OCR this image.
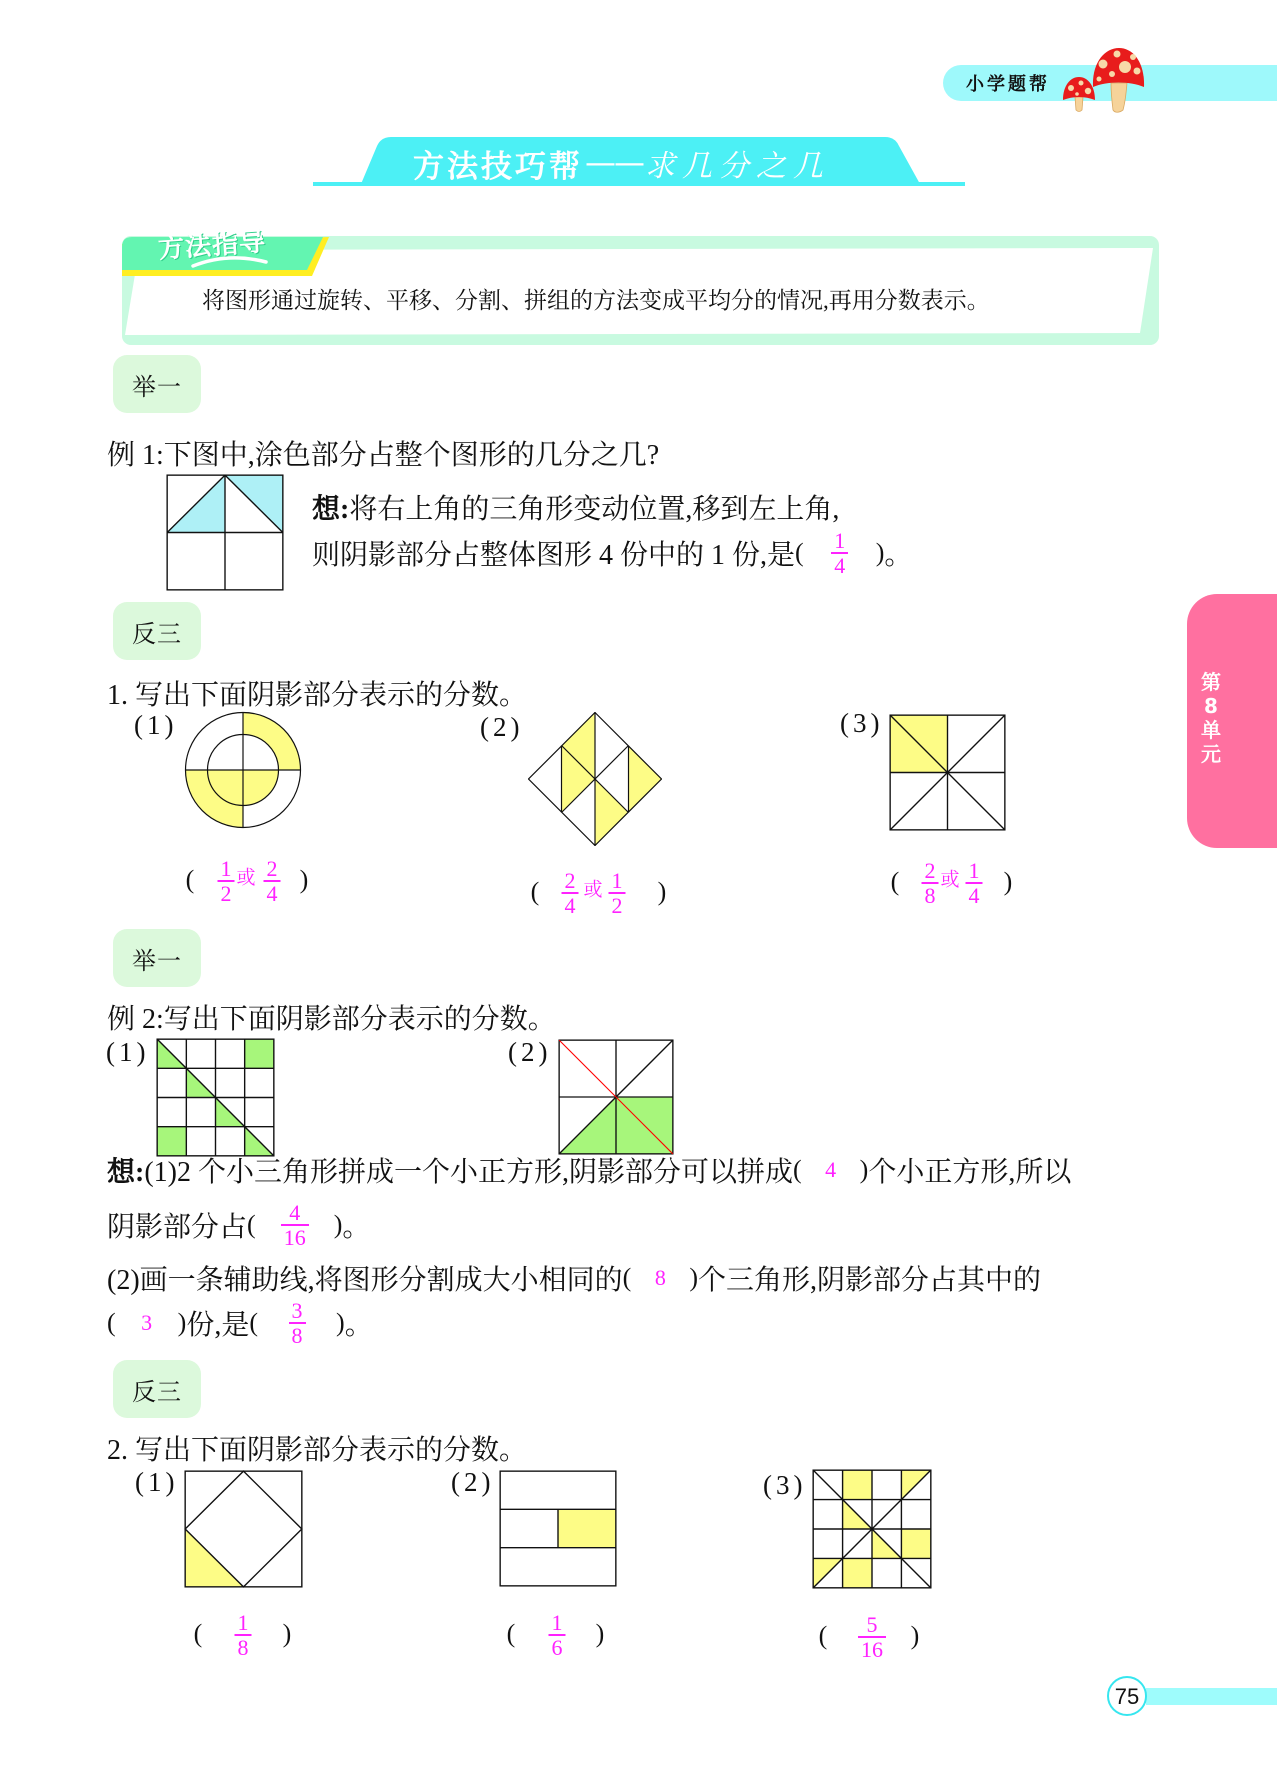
小学题帮
方法技巧帮 —— 求几分之几
方法指导
将图形通过旋转、平移、分割、拼组的方法变成平均分的情况,再用分数表示。
举一
例 1:下图中,涂色部分占整个图形的几分之几?
想: 将右上角的三角形变动位置,移到左上角,
则阴影部分占整体图形 4 份中的 1 份,是 ( $\frac{1}{4}$ ) 。
反三
1. 写出下面阴影部分表示的分数。
(1)	(2)	(3)
( $\frac{1}{2}$ 或 $\frac{2}{4}$ )	( $\frac{2}{4}$ 或 $\frac{1}{2}$ )	( $\frac{2}{8}$ 或 $\frac{1}{4}$ )
举一
例 2:写出下面阴影部分表示的分数。
(1)	(2)
想: (1)2 个小三角形拼成一个小正方形,阴影部分可以拼成 ( 4 ) 个小正方形,所以
阴影部分占 ( $\frac{4}{16}$ ) 。
(2)画一条辅助线,将图形分割成大小相同的 ( 8 ) 个三角形,阴影部分占其中的
( 3 ) 份,是 ( $\frac{3}{8}$ ) 。
反三
2. 写出下面阴影部分表示的分数。
(1)	(2)	(3)
( $\frac{1}{8}$ )	( $\frac{1}{6}$ )	( $\frac{5}{16}$ )
第
8
单
元
75
